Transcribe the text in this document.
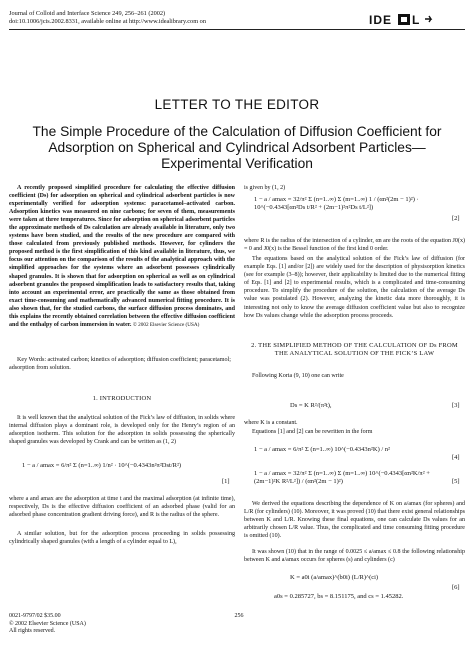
Journal of Colloid and Interface Science 249, 256–261 (2002)
doi:10.1006/jcis.2002.8331, available online at http://www.idealibrary.com on	IDE L
LETTER TO THE EDITOR
The Simple Procedure of the Calculation of Diffusion Coefficient for Adsorption on Spherical and Cylindrical Adsorbent Particles—Experimental Verification
A recently proposed simplified procedure for calculating the effective diffusion coefficient (Ds) for adsorption on spherical and cylindrical adsorbent particles is now experimentally verified for adsorption systems: paracetamol–activated carbon. Adsorption kinetics was measured on nine carbons; for seven of them, measurements were taken at three temperatures. Since for adsorption on spherical adsorbent particles the approximate methods of Ds calculation are already available in literature, only two systems have been studied, and the results of the new procedure are compared with those calculated from previously published methods. However, for cylinders the proposed method is the first simplification of this kind available in literature, thus, we focus our attention on the comparison of the results of the analytical approach with the simplified approaches for the systems where an adsorbent possesses cylindrically shaped granules. It is shown that for adsorption on spherical as well as on cylindrical adsorbent granules the proposed simplification leads to satisfactory results that, taking into account an experimental error, are practically the same as those obtained from exact time-consuming and mathematically advanced numerical fitting procedure. It is also shown that, for the studied carbons, the surface diffusion process dominates, and this explains the recently obtained correlation between the effective diffusion coefficient and the enthalpy of carbon immersion in water. © 2002 Elsevier Science (USA)
Key Words: activated carbon; kinetics of adsorption; diffusion coefficient; paracetamol; adsorption from solution.
1. INTRODUCTION
It is well known that the analytical solution of the Fick’s law of diffusion, in solids where internal diffusion plays a dominant role, is developed only for the Henry’s region of an adsorption isotherm. This solution for the adsorption in solids possessing the spherically shaped granules was developed by Crank and can be written as (1, 2)
1 − a / amax = 6/π² Σ (n=1..∞) 1/n² · 10^(−0.4343n²π²Dst/R²)
[1]
where a and amax are the adsorption at time t and the maximal adsorption (at infinite time), respectively, Ds is the effective diffusion coefficient of an adsorbed phase (valid for an adsorbed phase concentration gradient driving force), and R is the radius of the sphere.
A similar solution, but for the adsorption process proceeding in solids possessing cylindrically shaped granules (with a length of a cylinder equal to L),
is given by (1, 2)
1 − a / amax = 32/π² Σ (n=1..∞) Σ (m=1..∞) 1 / (αn²(2m − 1)²) · 10^(−0.4343[αn²Ds t/R² + (2m−1)²π²Ds t/L²])
[2]
where R is the radius of the intersection of a cylinder, αn are the roots of the equation J0(x) = 0 and J0(x) is the Bessel function of the first kind 0 order.
The equations based on the analytical solution of the Fick’s law of diffusion (for example Eqs. [1] and/or [2]) are widely used for the description of physisorption kinetics (see for example (3–8)); however, their applicability is limited due to the numerical fitting of Eqs. [1] and [2] to experimental results, which is a complicated and time-consuming procedure. To simplify the procedure of the solution, the calculation of the average Ds value was postulated (2). However, analyzing the kinetic data more thoroughly, it is interesting not only to know the average diffusion coefficient value but also to recognize how Ds values change while the adsorption process proceeds.
2. THE SIMPLIFIED METHOD OF THE CALCULATION OF Ds FROM THE ANALYTICAL SOLUTION OF THE FICK’S LAW
Following Korta (9, 10) one can write
Ds = K R²/(π²t),	[3]
where K is a constant.
Equations [1] and [2] can be rewritten in the form
1 − a / amax = 6/π² Σ (n=1..∞) 10^(−0.4343n²K) / n²
[4]
1 − a / amax = 32/π² Σ (n=1..∞) Σ (m=1..∞) 10^(−0.4343[αn²K/π² + (2m−1)²K R²/L²]) / (αn²(2m − 1)²)	[5]
We derived the equations describing the dependence of K on a/amax (for spheres) and L/R (for cylinders) (10). Moreover, it was proved (10) that there exist general relationships between K and L/R. Knowing these final equations, one can calculate Ds values for an arbitrarily chosen L/R value. Thus, the complicated and time consuming fitting procedure is omitted (10).
It was shown (10) that in the range of 0.0025 ≤ a/amax ≤ 0.8 the following relationship between K and a/amax occurs for spheres (s) and cylinders (c)
K = a0i (a/amax)^(b0i) (L/R)^(ci)
[6]
a0s = 0.285727, bs = 8.151175, and cs = 1.45282.
0021-9797/02 $35.00
© 2002 Elsevier Science (USA)
All rights reserved.
256
